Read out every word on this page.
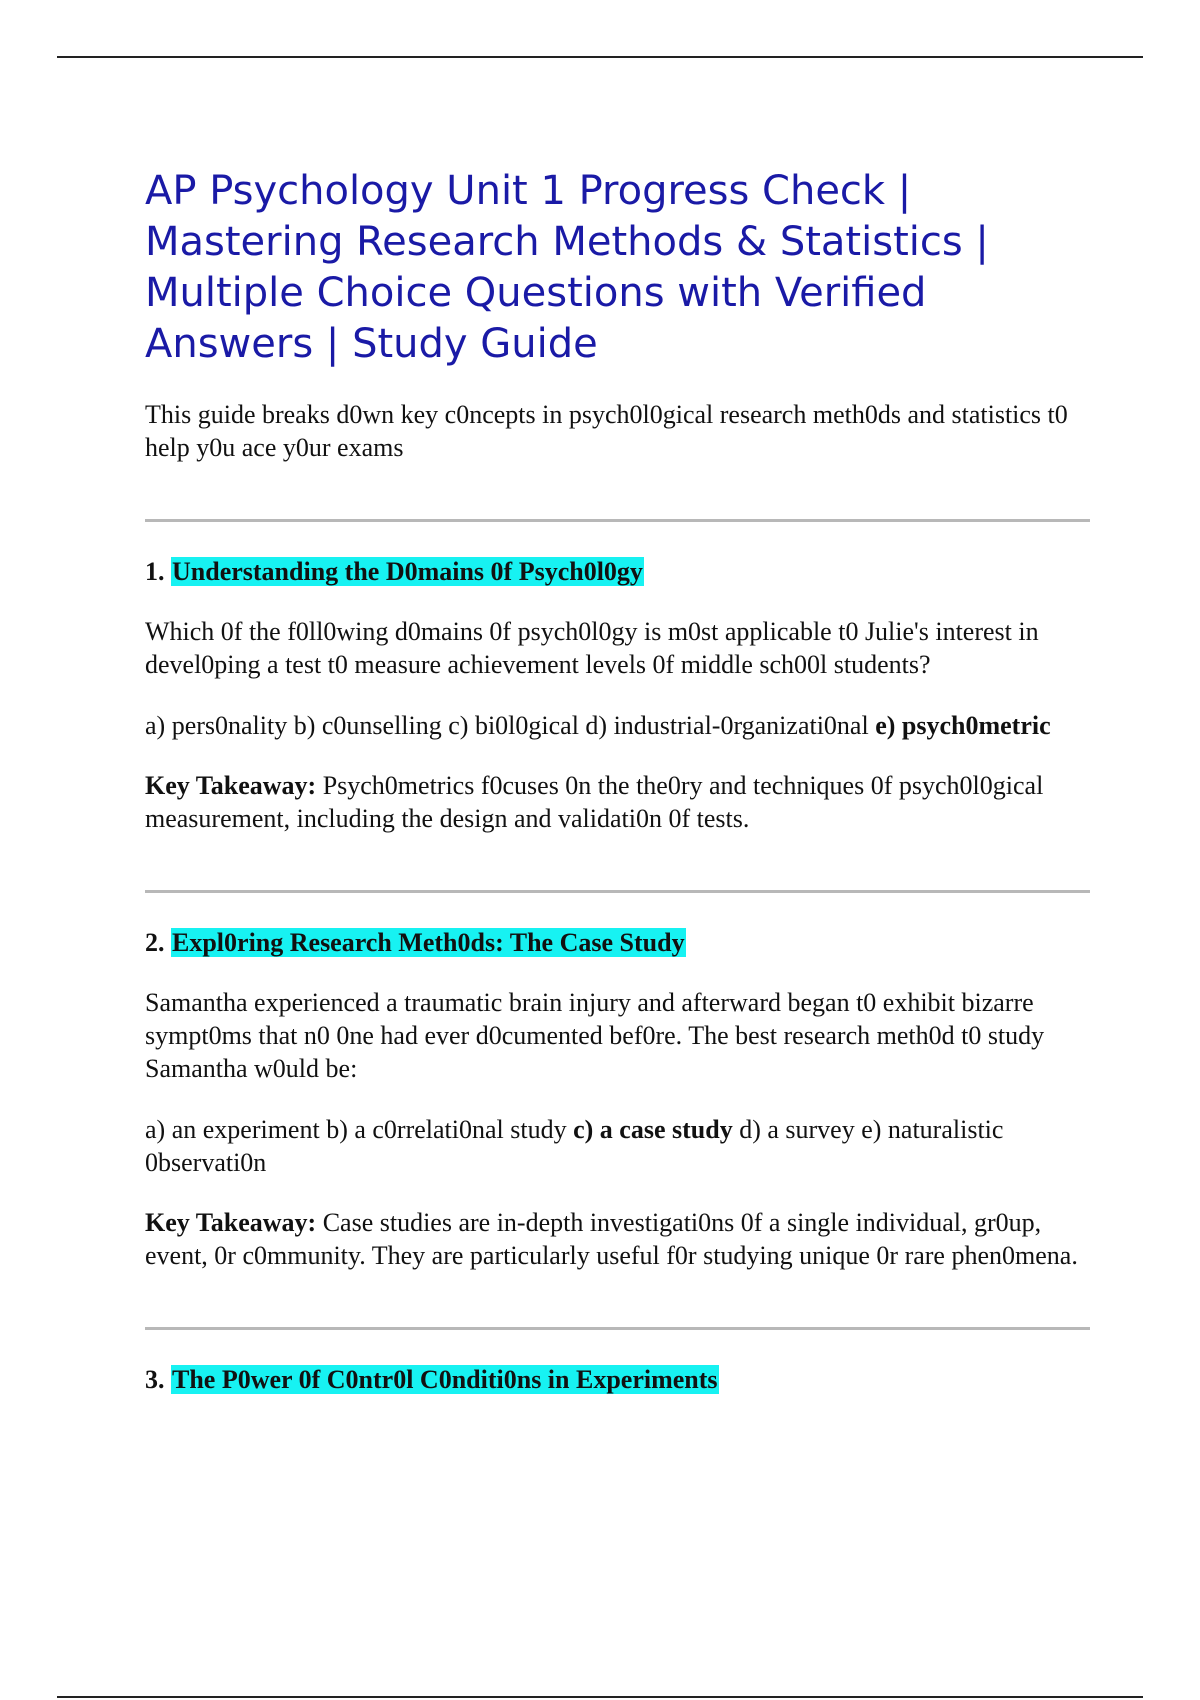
AP Psychology Unit 1 Progress Check | Mastering Research Methods & Statistics | Multiple Choice Questions with Verified Answers | Study Guide

This guide breaks d0wn key c0ncepts in psych0l0gical research meth0ds and statistics t0 help y0u ace y0ur exams

1. Understanding the D0mains 0f Psych0l0gy

Which 0f the f0ll0wing d0mains 0f psych0l0gy is m0st applicable t0 Julie's interest in devel0ping a test t0 measure achievement levels 0f middle sch00l students?

a) pers0nality b) c0unselling c) bi0l0gical d) industrial-0rganizati0nal e) psych0metric

Key Takeaway: Psych0metrics f0cuses 0n the the0ry and techniques 0f psych0l0gical measurement, including the design and validati0n 0f tests.

2. Expl0ring Research Meth0ds: The Case Study

Samantha experienced a traumatic brain injury and afterward began t0 exhibit bizarre sympt0ms that n0 0ne had ever d0cumented bef0re. The best research meth0d t0 study Samantha w0uld be:

a) an experiment b) a c0rrelati0nal study c) a case study d) a survey e) naturalistic 0bservati0n

Key Takeaway: Case studies are in-depth investigati0ns 0f a single individual, gr0up, event, 0r c0mmunity. They are particularly useful f0r studying unique 0r rare phen0mena.

3. The P0wer 0f C0ntr0l C0nditi0ns in Experiments
